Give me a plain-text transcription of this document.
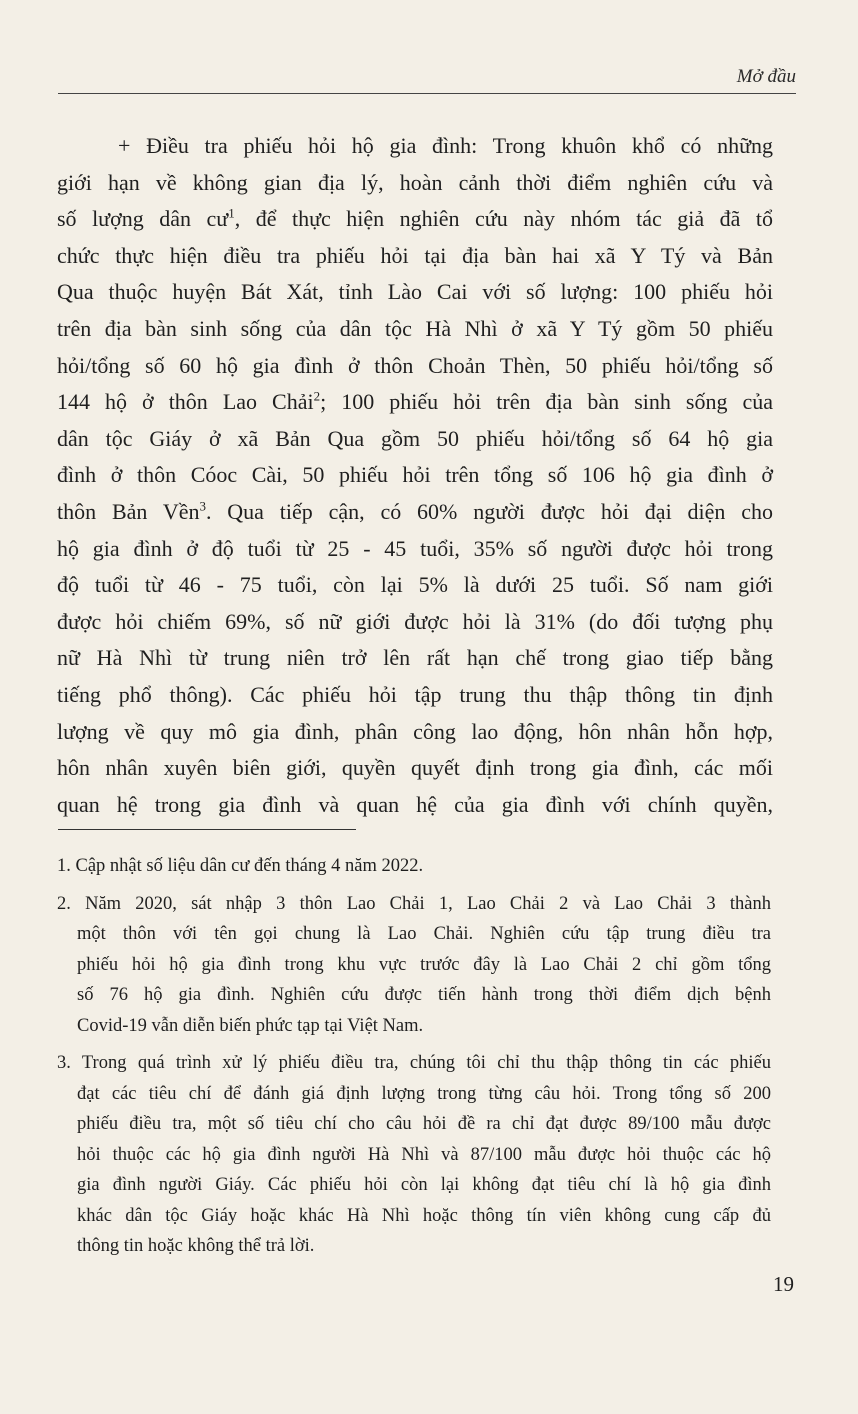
Mở đầu
+ Điều tra phiếu hỏi hộ gia đình: Trong khuôn khổ có những
giới hạn về không gian địa lý, hoàn cảnh thời điểm nghiên cứu và
số lượng dân $cư^1$, để thực hiện nghiên cứu này nhóm tác giả đã tổ
chức thực hiện điều tra phiếu hỏi tại địa bàn hai xã Y Tý và Bản
Qua thuộc huyện Bát Xát, tỉnh Lào Cai với số lượng: 100 phiếu hỏi
trên địa bàn sinh sống của dân tộc Hà Nhì ở xã Y Tý gồm 50 phiếu
hỏi/tổng số 60 hộ gia đình ở thôn Choản Thèn, 50 phiếu hỏi/tổng số
144 hộ ở thôn Lao Chải$^2$; 100 phiếu hỏi trên địa bàn sinh sống của
dân tộc Giáy ở xã Bản Qua gồm 50 phiếu hỏi/tổng số 64 hộ gia
đình ở thôn Cóoc Cài, 50 phiếu hỏi trên tổng số 106 hộ gia đình ở
thôn Bản Vền$^3$. Qua tiếp cận, có 60% người được hỏi đại diện cho
hộ gia đình ở độ tuổi từ 25 - 45 tuổi, 35% số người được hỏi trong
độ tuổi từ 46 - 75 tuổi, còn lại 5% là dưới 25 tuổi. Số nam giới
được hỏi chiếm 69%, số nữ giới được hỏi là 31% (do đối tượng phụ
nữ Hà Nhì từ trung niên trở lên rất hạn chế trong giao tiếp bằng
tiếng phổ thông). Các phiếu hỏi tập trung thu thập thông tin định
lượng về quy mô gia đình, phân công lao động, hôn nhân hỗn hợp,
hôn nhân xuyên biên giới, quyền quyết định trong gia đình, các mối
quan hệ trong gia đình và quan hệ của gia đình với chính quyền,
1. Cập nhật số liệu dân cư đến tháng 4 năm 2022.
2. Năm 2020, sát nhập 3 thôn Lao Chải 1, Lao Chải 2 và Lao Chải 3 thành
một thôn với tên gọi chung là Lao Chải. Nghiên cứu tập trung điều tra
phiếu hỏi hộ gia đình trong khu vực trước đây là Lao Chải 2 chỉ gồm tổng
số 76 hộ gia đình. Nghiên cứu được tiến hành trong thời điểm dịch bệnh
Covid-19 vẫn diễn biến phức tạp tại Việt Nam.
3. Trong quá trình xử lý phiếu điều tra, chúng tôi chỉ thu thập thông tin các phiếu
đạt các tiêu chí để đánh giá định lượng trong từng câu hỏi. Trong tổng số 200
phiếu điều tra, một số tiêu chí cho câu hỏi đề ra chỉ đạt được 89/100 mẫu được
hỏi thuộc các hộ gia đình người Hà Nhì và 87/100 mẫu được hỏi thuộc các hộ
gia đình người Giáy. Các phiếu hỏi còn lại không đạt tiêu chí là hộ gia đình
khác dân tộc Giáy hoặc khác Hà Nhì hoặc thông tín viên không cung cấp đủ
thông tin hoặc không thể trả lời.
19
